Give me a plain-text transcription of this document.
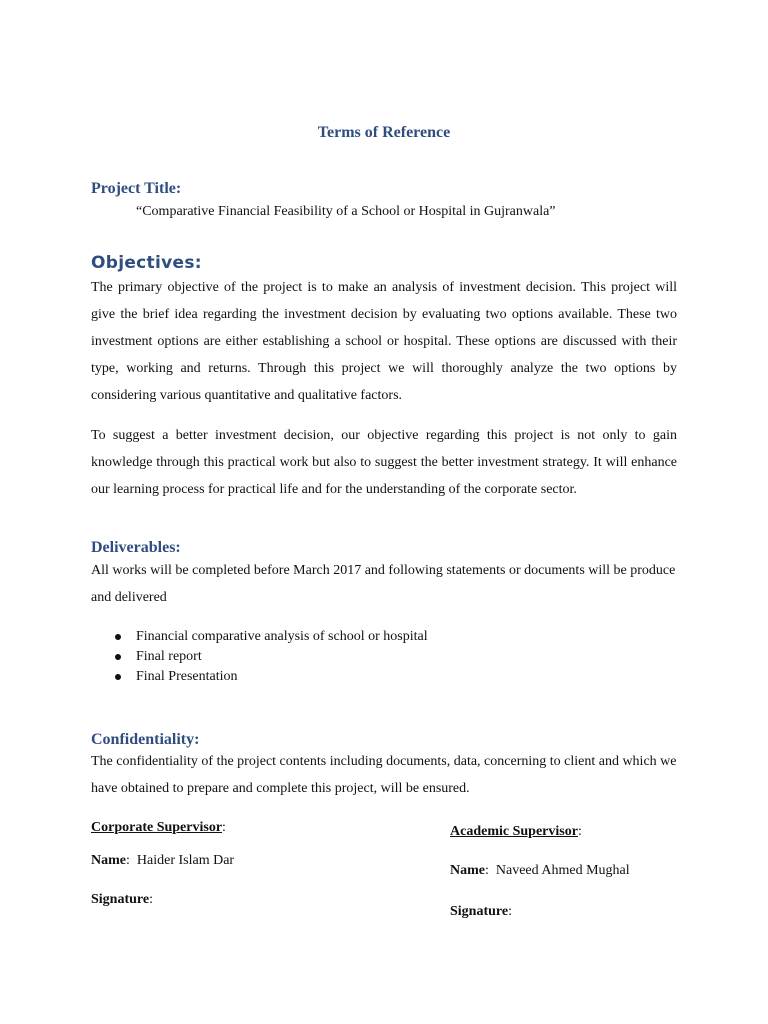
Terms of Reference
Project Title:
“Comparative Financial Feasibility of a School or Hospital in Gujranwala”
Objectives:

The primary objective of the project is to make an analysis of investment decision. This project will give the brief idea regarding the investment decision by evaluating two options available. These two investment options are either establishing a school or hospital. These options are discussed with their type, working and returns. Through this project we will thoroughly analyze the two options by considering various quantitative and qualitative factors.

To suggest a better investment decision, our objective regarding this project is not only to gain knowledge through this practical work but also to suggest the better investment strategy. It will enhance our learning process for practical life and for the understanding of the corporate sector.

Deliverables:

All works will be completed before March 2017 and following statements or documents will be produce and delivered

Financial comparative analysis of school or hospital
Final report
Final Presentation
Confidentiality:

The confidentiality of the project contents including documents, data, concerning to client and which we have obtained to prepare and complete this project, will be ensured.

Corporate Supervisor:
Name:  Haider Islam Dar
Signature:
Academic Supervisor:
Name:  Naveed Ahmed Mughal
Signature:
